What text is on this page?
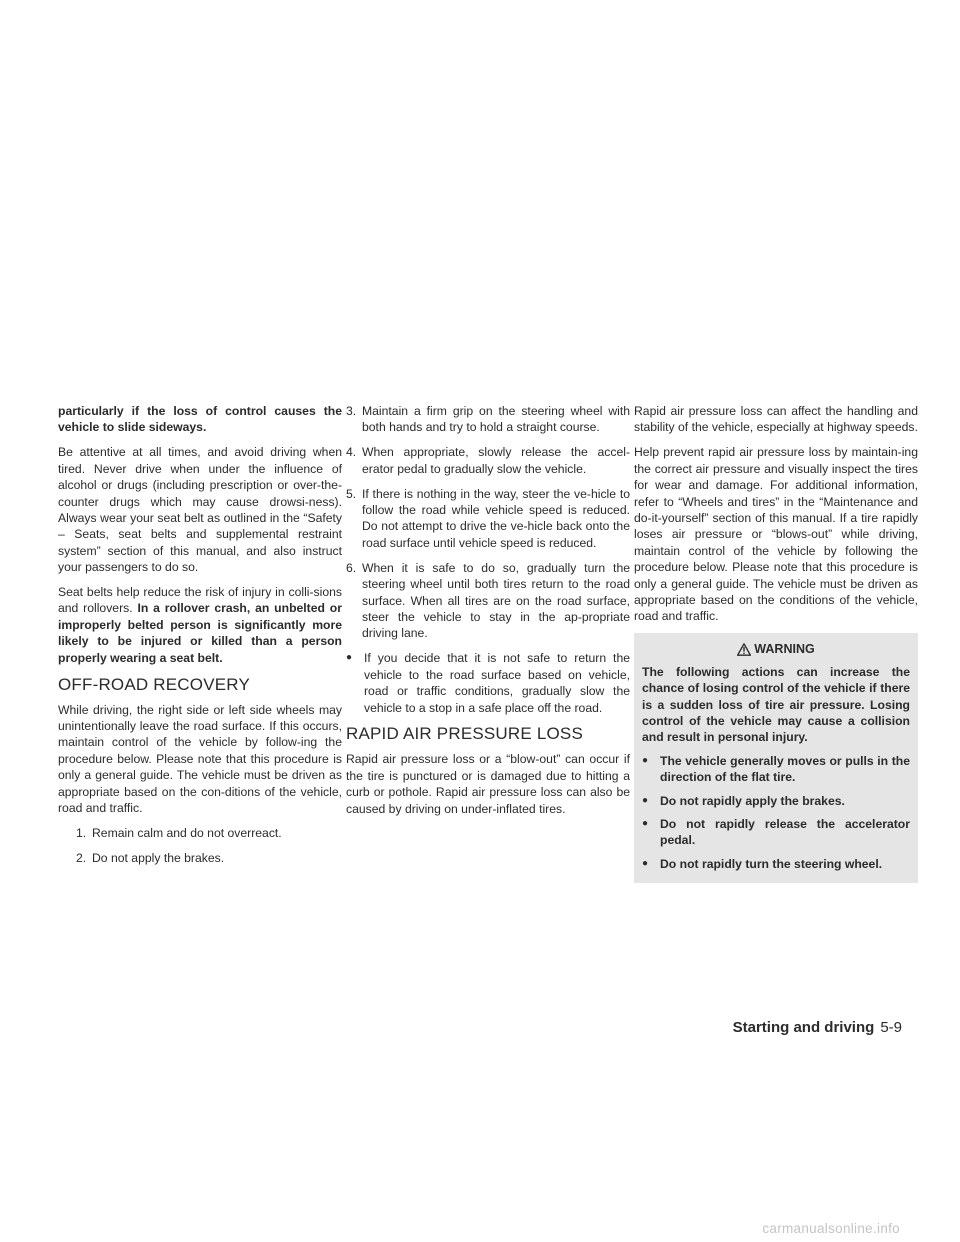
particularly if the loss of control causes the vehicle to slide sideways.

Be attentive at all times, and avoid driving when tired. Never drive when under the influence of alcohol or drugs (including prescription or over-the-counter drugs which may cause drowsi-ness). Always wear your seat belt as outlined in the “Safety – Seats, seat belts and supplemental restraint system” section of this manual, and also instruct your passengers to do so.

Seat belts help reduce the risk of injury in colli-sions and rollovers. In a rollover crash, an unbelted or improperly belted person is significantly more likely to be injured or killed than a person properly wearing a seat belt.

OFF-ROAD RECOVERY

While driving, the right side or left side wheels may unintentionally leave the road surface. If this occurs, maintain control of the vehicle by follow-ing the procedure below. Please note that this procedure is only a general guide. The vehicle must be driven as appropriate based on the con-ditions of the vehicle, road and traffic.

1. Remain calm and do not overreact.
2. Do not apply the brakes.
3. Maintain a firm grip on the steering wheel with both hands and try to hold a straight course.
4. When appropriate, slowly release the accel-erator pedal to gradually slow the vehicle.
5. If there is nothing in the way, steer the ve-hicle to follow the road while vehicle speed is reduced. Do not attempt to drive the ve-hicle back onto the road surface until vehicle speed is reduced.
6. When it is safe to do so, gradually turn the steering wheel until both tires return to the road surface. When all tires are on the road surface, steer the vehicle to stay in the ap-propriate driving lane.
● If you decide that it is not safe to return the vehicle to the road surface based on vehicle, road or traffic conditions, gradually slow the vehicle to a stop in a safe place off the road.
RAPID AIR PRESSURE LOSS

Rapid air pressure loss or a “blow-out” can occur if the tire is punctured or is damaged due to hitting a curb or pothole. Rapid air pressure loss can also be caused by driving on under-inflated tires.

Rapid air pressure loss can affect the handling and stability of the vehicle, especially at highway speeds.

Help prevent rapid air pressure loss by maintain-ing the correct air pressure and visually inspect the tires for wear and damage. For additional information, refer to “Wheels and tires” in the “Maintenance and do-it-yourself” section of this manual. If a tire rapidly loses air pressure or “blows-out” while driving, maintain control of the vehicle by following the procedure below. Please note that this procedure is only a general guide. The vehicle must be driven as appropriate based on the conditions of the vehicle, road and traffic.

WARNING

The following actions can increase the chance of losing control of the vehicle if there is a sudden loss of tire air pressure. Losing control of the vehicle may cause a collision and result in personal injury.

● The vehicle generally moves or pulls in the direction of the flat tire.
● Do not rapidly apply the brakes.
● Do not rapidly release the accelerator pedal.
● Do not rapidly turn the steering wheel.
Starting and driving 5-9
carmanualsonline.info
